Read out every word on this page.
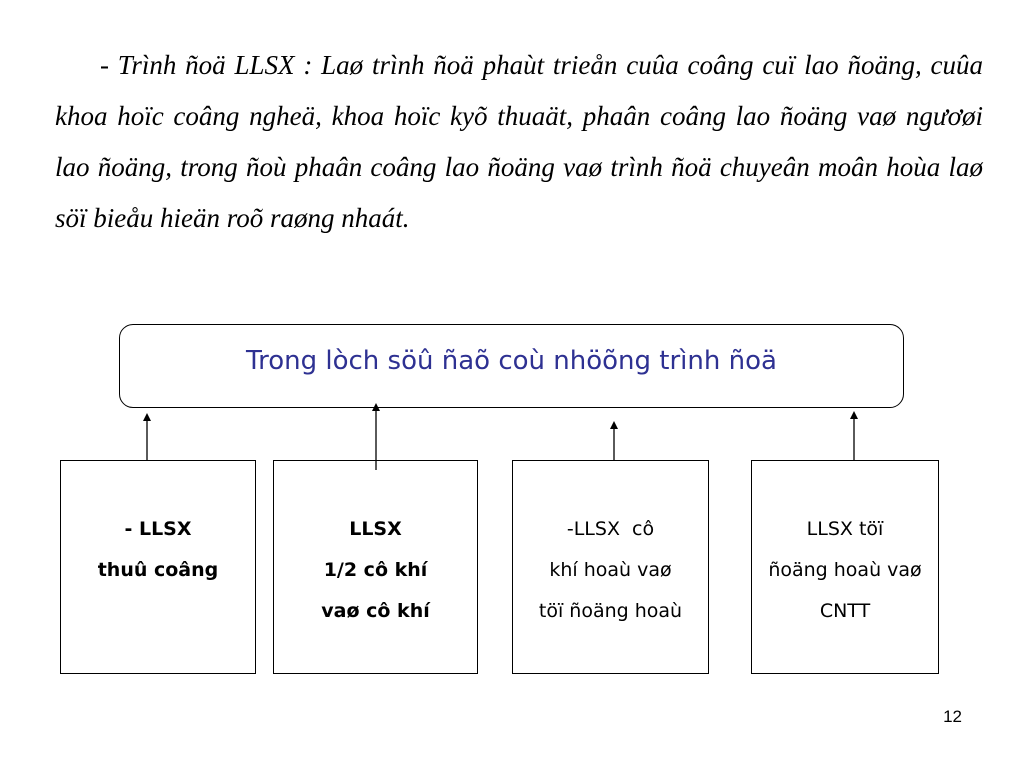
- Trình ñoä LLSX : Laø trình ñoä phaùt trieån cuûa coâng cuï lao ñoäng, cuûa khoa hoïc coâng ngheä, khoa hoïc kyõ thuaät, phaân coâng lao ñoäng vaø ngươøi lao ñoäng, trong ñoù phaân coâng lao ñoäng vaø trình ñoä chuyeân moân hoùa laø söï bieåu hieän roõ raøng nhaát.

Trong lòch söû ñaõ coù nhöõng trình ñoä
- LLSX
thuû coâng
LLSX
1/2 cô khí
vaø cô khí
-LLSX  cô
khí hoaù vaø
töï ñoäng hoaù
LLSX töï
ñoäng hoaù vaø
CNTT
12
